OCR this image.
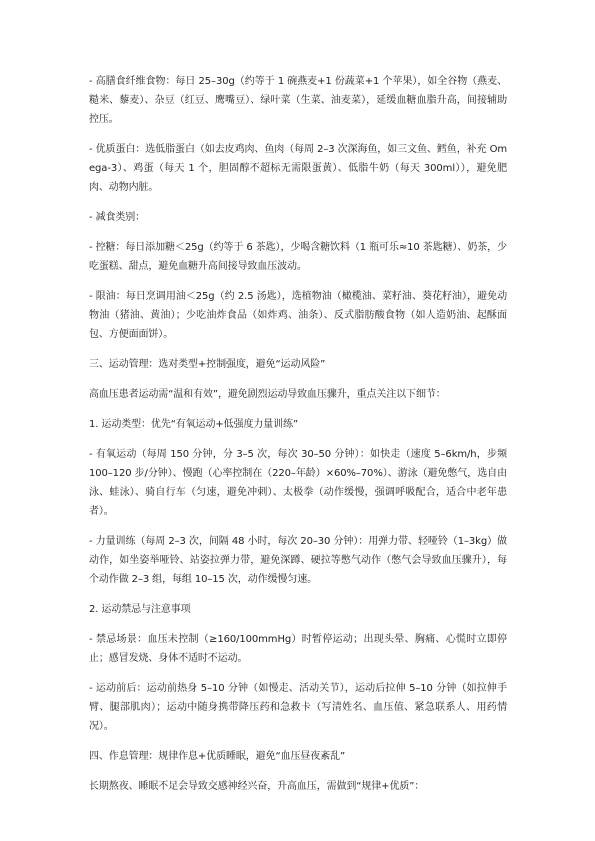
- 高膳食纤维食物：每日 25–30g（约等于 1 碗燕麦+1 份蔬菜+1 个苹果），如全谷物（燕麦、糙米、藜麦）、杂豆（红豆、鹰嘴豆）、绿叶菜（生菜、油麦菜），延缓血糖血脂升高，间接辅助控压。

- 优质蛋白：选低脂蛋白（如去皮鸡肉、鱼肉（每周 2–3 次深海鱼，如三文鱼、鳕鱼，补充 Omega-3）、鸡蛋（每天 1 个，胆固醇不超标无需限蛋黄）、低脂牛奶（每天 300ml）），避免肥肉、动物内脏。

- 减食类别：

- 控糖：每日添加糖＜25g（约等于 6 茶匙），少喝含糖饮料（1 瓶可乐≈10 茶匙糖）、奶茶，少吃蛋糕、甜点，避免血糖升高间接导致血压波动。

- 限油：每日烹调用油＜25g（约 2.5 汤匙），选植物油（橄榄油、菜籽油、葵花籽油），避免动物油（猪油、黄油）；少吃油炸食品（如炸鸡、油条）、反式脂肪酸食物（如人造奶油、起酥面包、方便面面饼）。

三、运动管理：选对类型+控制强度，避免“运动风险”

高血压患者运动需“温和有效”，避免剧烈运动导致血压骤升，重点关注以下细节：

1. 运动类型：优先“有氧运动+低强度力量训练”

- 有氧运动（每周 150 分钟，分 3–5 次，每次 30–50 分钟）：如快走（速度 5–6km/h，步频 100–120 步/分钟）、慢跑（心率控制在（220–年龄）×60%–70%）、游泳（避免憋气，选自由泳、蛙泳）、骑自行车（匀速，避免冲刺）、太极拳（动作缓慢，强调呼吸配合，适合中老年患者）。

- 力量训练（每周 2–3 次，间隔 48 小时，每次 20–30 分钟）：用弹力带、轻哑铃（1–3kg）做动作，如坐姿举哑铃、站姿拉弹力带，避免深蹲、硬拉等憋气动作（憋气会导致血压骤升），每个动作做 2–3 组，每组 10–15 次，动作缓慢匀速。

2. 运动禁忌与注意事项

- 禁忌场景：血压未控制（≥160/100mmHg）时暂停运动；出现头晕、胸痛、心慌时立即停止；感冒发烧、身体不适时不运动。

- 运动前后：运动前热身 5–10 分钟（如慢走、活动关节），运动后拉伸 5–10 分钟（如拉伸手臂、腿部肌肉）；运动中随身携带降压药和急救卡（写清姓名、血压值、紧急联系人、用药情况）。

四、作息管理：规律作息+优质睡眠，避免“血压昼夜紊乱”

长期熬夜、睡眠不足会导致交感神经兴奋，升高血压，需做到“规律+优质”：
